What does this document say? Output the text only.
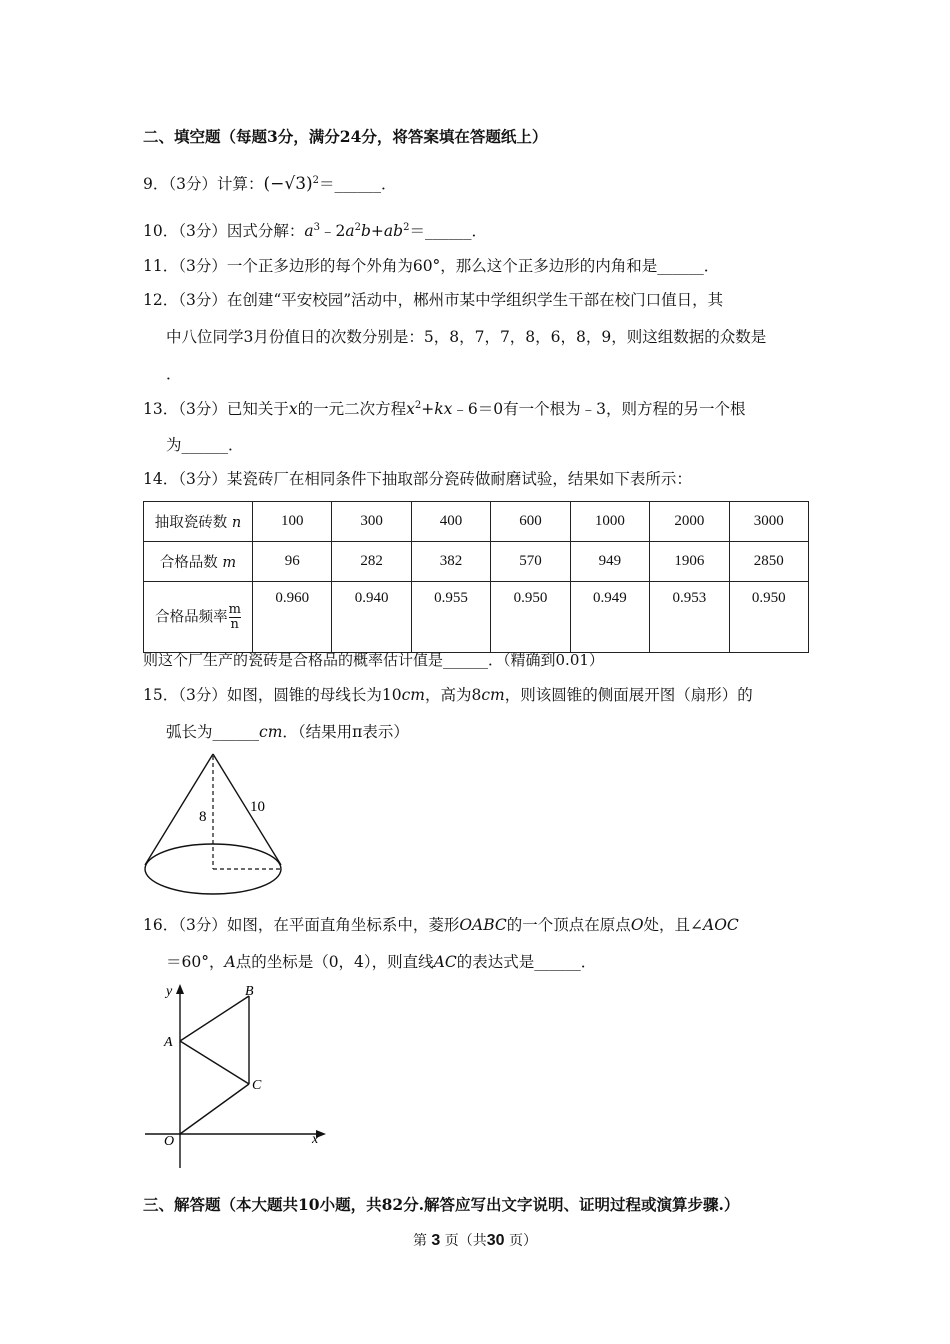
二、填空题（每题3分，满分24分，将答案填在答题纸上）
9．（3分）计算：$(-√3)^2=\_\_\_\_\_\_$．
10．（3分）因式分解：$a^3﹣2a^2b+ab^2=\_\_\_\_\_\_$．
11．（3分）一个正多边形的每个外角为60°，那么这个正多边形的内角和是______．
12．（3分）在创建“平安校园”活动中，郴州市某中学组织学生干部在校门口值日，其
中八位同学3月份值日的次数分别是：5，8，7，7，8，6，8，9，则这组数据的众数是
．
13．（3分）已知关于x的一元二次方程$x^2+kx﹣6=0$有一个根为﹣3，则方程的另一个根
为______．
14．（3分）某瓷砖厂在相同条件下抽取部分瓷砖做耐磨试验，结果如下表所示：
抽取瓷砖数 n	100	300	400	600	1000	2000	3000
合格品数 m	96	282	382	570	949	1906	2850
合格品频率 $\frac{m}{n}$	0.960	0.940	0.955	0.950	0.949	0.953	0.950
则这个厂生产的瓷砖是合格品的概率估计值是______．（精确到0.01）
15．（3分）如图，圆锥的母线长为10cm，高为8cm，则该圆锥的侧面展开图（扇形）的
弧长为______cm．（结果用π表示）
8
10
16．（3分）如图，在平面直角坐标系中，菱形OABC的一个顶点在原点O处，且∠AOC
＝60°，A点的坐标是（0，4），则直线AC的表达式是______．
y
x
O
A
B
C
三、解答题（本大题共10小题，共82分.解答应写出文字说明、证明过程或演算步骤.）
第 3 页（共30 页）
